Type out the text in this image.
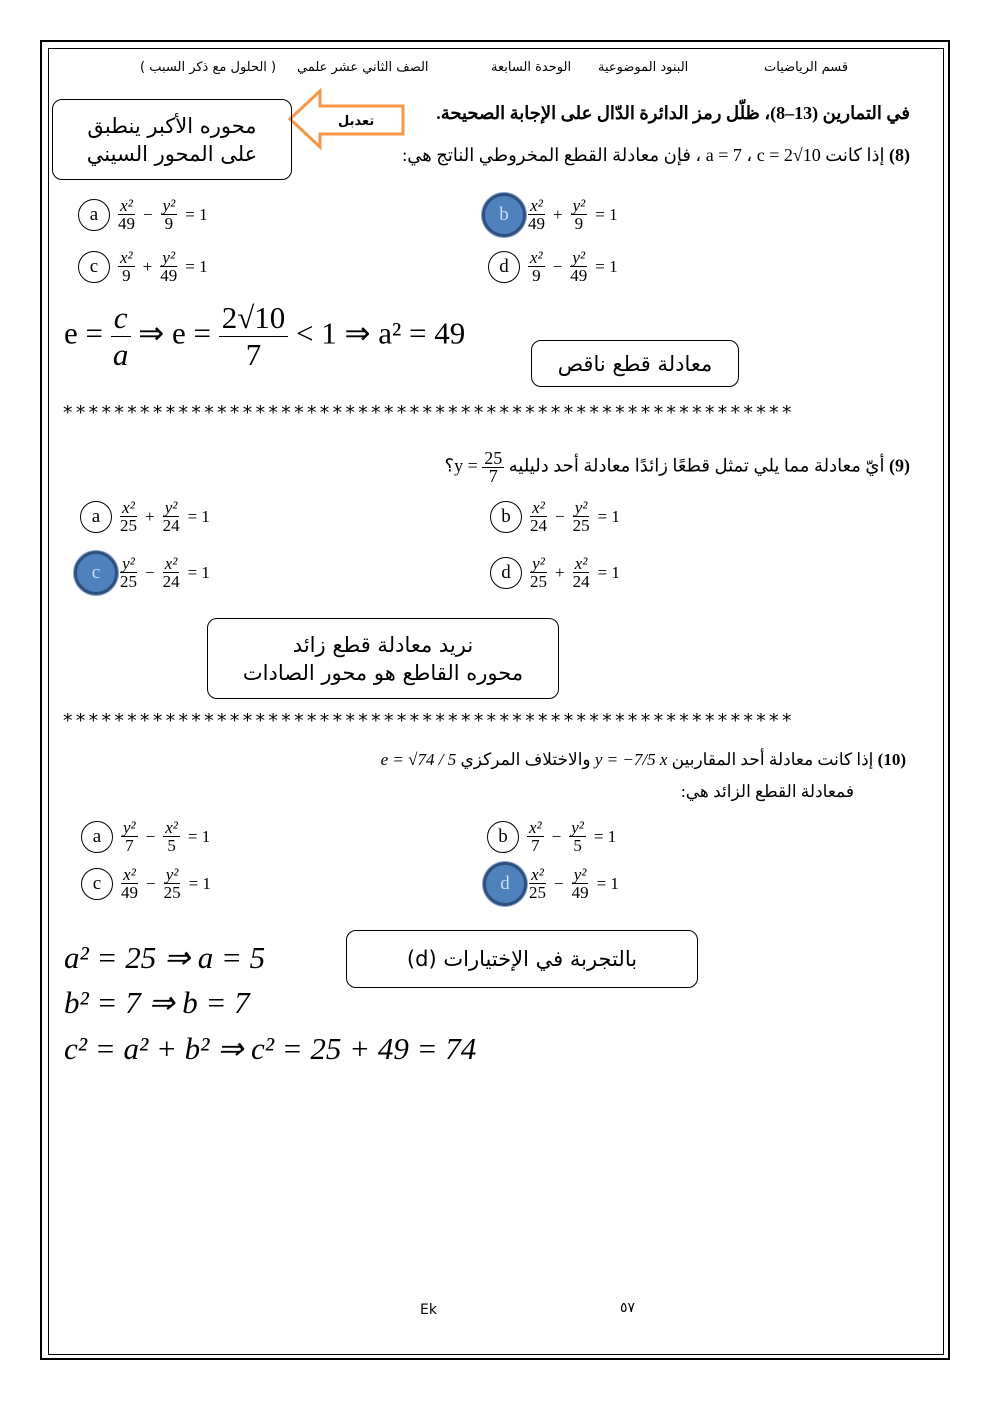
قسم الرياضيات
البنود الموضوعية
الوحدة السابعة
الصف الثاني عشر علمي
( الحلول مع ذكر السبب )
في التمارين (13–8)، ظلّل رمز الدائرة الدّال على الإجابة الصحيحة.
تعدبل
محوره الأكبر ينطبق
على المحور السيني	(8) إذا كانت a = 7 ، c = 2√10 ، فإن معادلة القطع المخروطي الناتج هي:
a	$\frac{\text{x²}}{49} - \frac{\text{y²}}{9} = 1$	b	$\frac{\text{x²}}{49} + \frac{\text{y²}}{9} = 1$
c	$\frac{\text{x²}}{9} + \frac{\text{y²}}{49} = 1$	d	$\frac{\text{x²}}{9} - \frac{\text{y²}}{49} = 1$
a	$\frac{\text{x²}}{25} + \frac{\text{y²}}{24} = 1$	b	$\frac{\text{x²}}{24} - \frac{\text{y²}}{25} = 1$
c	$\frac{\text{y²}}{25} - \frac{\text{x²}}{24} = 1$	d	$\frac{\text{y²}}{25} + \frac{\text{x²}}{24} = 1$
a	$\frac{\text{y²}}{7} - \frac{\text{x²}}{5} = 1$	b	$\frac{\text{x²}}{7} - \frac{\text{y²}}{5} = 1$
c	$\frac{\text{x²}}{49} - \frac{\text{y²}}{25} = 1$	d	$\frac{\text{x²}}{25} - \frac{\text{y²}}{49} = 1$
$e = \frac{c}{a}$ ⇒ $e = \frac{2√10}{7} < 1$ ⇒ a² = 49
معادلة قطع ناقص
*********************************************************
(9) أيّ معادلة مما يلي تمثل قطعًا زائدًا معادلة أحد دليليه ؟y = $\frac{25}{7}$
نريد معادلة قطع زائد
محوره القاطع هو محور الصادات
*********************************************************
(10) إذا كانت معادلة أحد المقاربين y = −7/5 x والاختلاف المركزي e = √74 / 5
فمعادلة القطع الزائد هي:
بالتجربة في الإختيارات (d)
a² = 25 ⇒ a = 5
b² = 7 ⇒ b = 7
c² = a² + b² ⇒ c² = 25 + 49 = 74
Ek	٥٧
